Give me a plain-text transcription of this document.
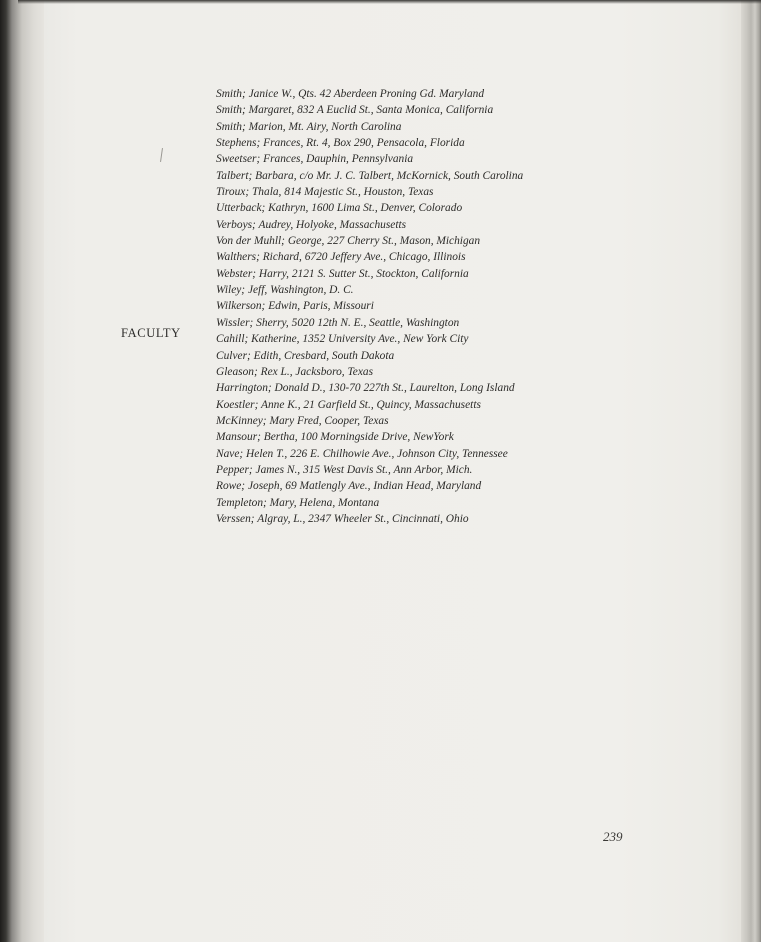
FACULTY
Smith; Janice W., Qts. 42 Aberdeen Proning Gd. Maryland
Smith; Margaret, 832 A Euclid St., Santa Monica, California
Smith; Marion, Mt. Airy, North Carolina
Stephens; Frances, Rt. 4, Box 290, Pensacola, Florida
Sweetser; Frances, Dauphin, Pennsylvania
Talbert; Barbara, c/o Mr. J. C. Talbert, McKornick, South Carolina
Tiroux; Thala, 814 Majestic St., Houston, Texas
Utterback; Kathryn, 1600 Lima St., Denver, Colorado
Verboys; Audrey, Holyoke, Massachusetts
Von der Muhll; George, 227 Cherry St., Mason, Michigan
Walthers; Richard, 6720 Jeffery Ave., Chicago, Illinois
Webster; Harry, 2121 S. Sutter St., Stockton, California
Wiley; Jeff, Washington, D. C.
Wilkerson; Edwin, Paris, Missouri
Wissler; Sherry, 5020 12th N. E., Seattle, Washington
Cahill; Katherine, 1352 University Ave., New York City
Culver; Edith, Cresbard, South Dakota
Gleason; Rex L., Jacksboro, Texas
Harrington; Donald D., 130-70 227th St., Laurelton, Long Island
Koestler; Anne K., 21 Garfield St., Quincy, Massachusetts
McKinney; Mary Fred, Cooper, Texas
Mansour; Bertha, 100 Morningside Drive, NewYork
Nave; Helen T., 226 E. Chilhowie Ave., Johnson City, Tennessee
Pepper; James N., 315 West Davis St., Ann Arbor, Mich.
Rowe; Joseph, 69 Matlengly Ave., Indian Head, Maryland
Templeton; Mary, Helena, Montana
Verssen; Algray, L., 2347 Wheeler St., Cincinnati, Ohio
239
